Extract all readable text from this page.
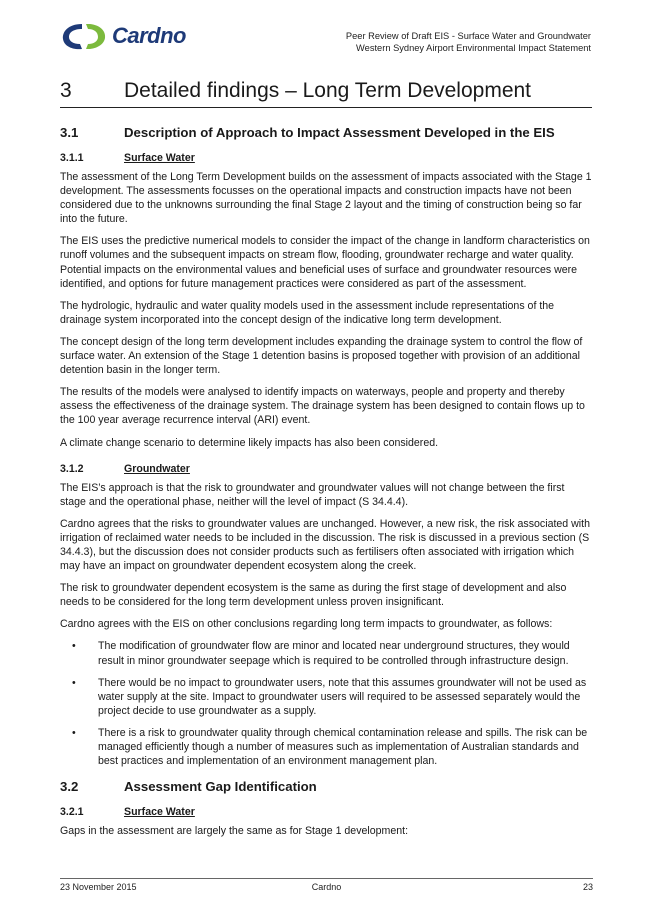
Cardno	Peer Review of Draft EIS - Surface Water and Groundwater
Western Sydney Airport Environmental Impact Statement
3	Detailed findings – Long Term Development
3.1	Description of Approach to Impact Assessment Developed in the EIS
3.1.1	Surface Water

The assessment of the Long Term Development builds on the assessment of impacts associated with the Stage 1 development. The assessments focusses on the operational impacts and construction impacts have not been considered due to the unknowns surrounding the final Stage 2 layout and the timing of construction being so far into the future.

The EIS uses the predictive numerical models to consider the impact of the change in landform characteristics on runoff volumes and the subsequent impacts on stream flow, flooding, groundwater recharge and water quality. Potential impacts on the environmental values and beneficial uses of surface and groundwater resources were identified, and options for future management practices were considered as part of the assessment.

The hydrologic, hydraulic and water quality models used in the assessment include representations of the drainage system incorporated into the concept design of the indicative long term development.

The concept design of the long term development includes expanding the drainage system to control the flow of surface water. An extension of the Stage 1 detention basins is proposed together with provision of an additional detention basin in the longer term.

The results of the models were analysed to identify impacts on waterways, people and property and thereby assess the effectiveness of the drainage system. The drainage system has been designed to contain flows up to the 100 year average recurrence interval (ARI) event.

A climate change scenario to determine likely impacts has also been considered.

3.1.2	Groundwater

The EIS’s approach is that the risk to groundwater and groundwater values will not change between the first stage and the operational phase, neither will the level of impact (S 34.4.4).

Cardno agrees that the risks to groundwater values are unchanged. However, a new risk, the risk associated with irrigation of reclaimed water needs to be included in the discussion. The risk is discussed in a previous section (S 34.4.3), but the discussion does not consider products such as fertilisers often associated with irrigation which may have an impact on groundwater dependent ecosystem along the creek.

The risk to groundwater dependent ecosystem is the same as during the first stage of development and also needs to be considered for the long term development unless proven insignificant.

Cardno agrees with the EIS on other conclusions regarding long term impacts to groundwater, as follows:

• The modification of groundwater flow are minor and located near underground structures, they would result in minor groundwater seepage which is required to be controlled through infrastructure design.
• There would be no impact to groundwater users, note that this assumes groundwater will not be used as water supply at the site. Impact to groundwater users will required to be assessed separately would the project decide to use groundwater as a supply.
• There is a risk to groundwater quality through chemical contamination release and spills. The risk can be managed efficiently though a number of measures such as implementation of Australian standards and best practices and implementation of an environment management plan.
3.2	Assessment Gap Identification
3.2.1	Surface Water

Gaps in the assessment are largely the same as for Stage 1 development:

23 November 2015	Cardno	23
